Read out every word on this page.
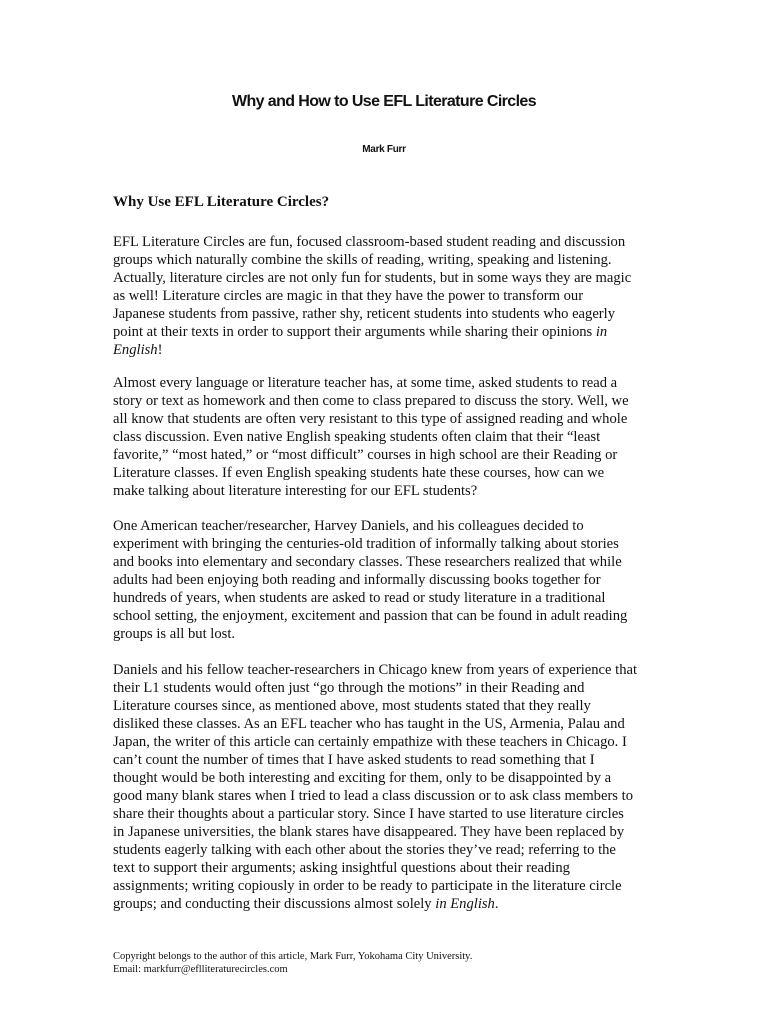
Why and How to Use EFL Literature Circles
Mark Furr
Why Use EFL Literature Circles?
EFL Literature Circles are fun, focused classroom-based student reading and discussion
groups which naturally combine the skills of reading, writing, speaking and listening.
Actually, literature circles are not only fun for students, but in some ways they are magic
as well! Literature circles are magic in that they have the power to transform our
Japanese students from passive, rather shy, reticent students into students who eagerly
point at their texts in order to support their arguments while sharing their opinions in
English!
Almost every language or literature teacher has, at some time, asked students to read a
story or text as homework and then come to class prepared to discuss the story. Well, we
all know that students are often very resistant to this type of assigned reading and whole
class discussion. Even native English speaking students often claim that their “least
favorite,” “most hated,” or “most difficult” courses in high school are their Reading or
Literature classes. If even English speaking students hate these courses, how can we
make talking about literature interesting for our EFL students?
One American teacher/researcher, Harvey Daniels, and his colleagues decided to
experiment with bringing the centuries-old tradition of informally talking about stories
and books into elementary and secondary classes. These researchers realized that while
adults had been enjoying both reading and informally discussing books together for
hundreds of years, when students are asked to read or study literature in a traditional
school setting, the enjoyment, excitement and passion that can be found in adult reading
groups is all but lost.
Daniels and his fellow teacher-researchers in Chicago knew from years of experience that
their L1 students would often just “go through the motions” in their Reading and
Literature courses since, as mentioned above, most students stated that they really
disliked these classes. As an EFL teacher who has taught in the US, Armenia, Palau and
Japan, the writer of this article can certainly empathize with these teachers in Chicago. I
can’t count the number of times that I have asked students to read something that I
thought would be both interesting and exciting for them, only to be disappointed by a
good many blank stares when I tried to lead a class discussion or to ask class members to
share their thoughts about a particular story. Since I have started to use literature circles
in Japanese universities, the blank stares have disappeared. They have been replaced by
students eagerly talking with each other about the stories they’ve read; referring to the
text to support their arguments; asking insightful questions about their reading
assignments; writing copiously in order to be ready to participate in the literature circle
groups; and conducting their discussions almost solely in English.
Copyright belongs to the author of this article, Mark Furr, Yokohama City University.
Email: markfurr@eflliteraturecircles.com
